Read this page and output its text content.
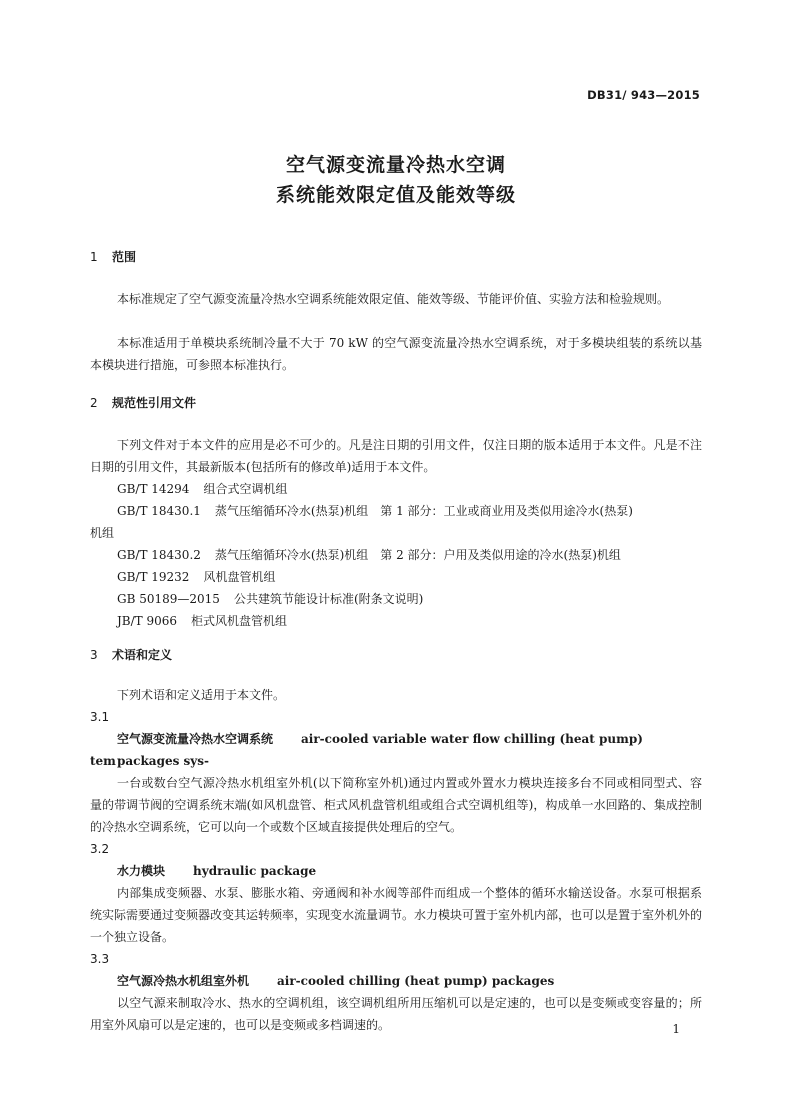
DB31/ 943—2015
空气源变流量冷热水空调
系统能效限定值及能效等级
1 范围
本标准规定了空气源变流量冷热水空调系统能效限定值、能效等级、节能评价值、实验方法和检验规则。
本标准适用于单模块系统制冷量不大于 70 kW 的空气源变流量冷热水空调系统，对于多模块组装的系统以基本模块进行措施，可参照本标准执行。
2 规范性引用文件
下列文件对于本文件的应用是必不可少的。凡是注日期的引用文件，仅注日期的版本适用于本文件。凡是不注日期的引用文件，其最新版本(包括所有的修改单)适用于本文件。
GB/T 14294 组合式空调机组
GB/T 18430.1 蒸气压缩循环冷水(热泵)机组　第 1 部分：工业或商业用及类似用途冷水(热泵)
机组
GB/T 18430.2 蒸气压缩循环冷水(热泵)机组　第 2 部分：户用及类似用途的冷水(热泵)机组
GB/T 19232 风机盘管机组
GB 50189—2015 公共建筑节能设计标准(附条文说明)
JB/T 9066 柜式风机盘管机组
3 术语和定义
下列术语和定义适用于本文件。
3.1
空气源变流量冷热水空调系统 air-cooled variable water flow chilling (heat pump) packages sys-
tem
一台或数台空气源冷热水机组室外机(以下简称室外机)通过内置或外置水力模块连接多台不同或相同型式、容量的带调节阀的空调系统末端(如风机盘管、柜式风机盘管机组或组合式空调机组等)，构成单一水回路的、集成控制的冷热水空调系统，它可以向一个或数个区域直接提供处理后的空气。
3.2
水力模块 hydraulic package
内部集成变频器、水泵、膨胀水箱、旁通阀和补水阀等部件而组成一个整体的循环水输送设备。水泵可根据系统实际需要通过变频器改变其运转频率，实现变水流量调节。水力模块可置于室外机内部，也可以是置于室外机外的一个独立设备。
3.3
空气源冷热水机组室外机 air-cooled chilling (heat pump) packages
以空气源来制取冷水、热水的空调机组，该空调机组所用压缩机可以是定速的，也可以是变频或变容量的；所用室外风扇可以是定速的，也可以是变频或多档调速的。	1
